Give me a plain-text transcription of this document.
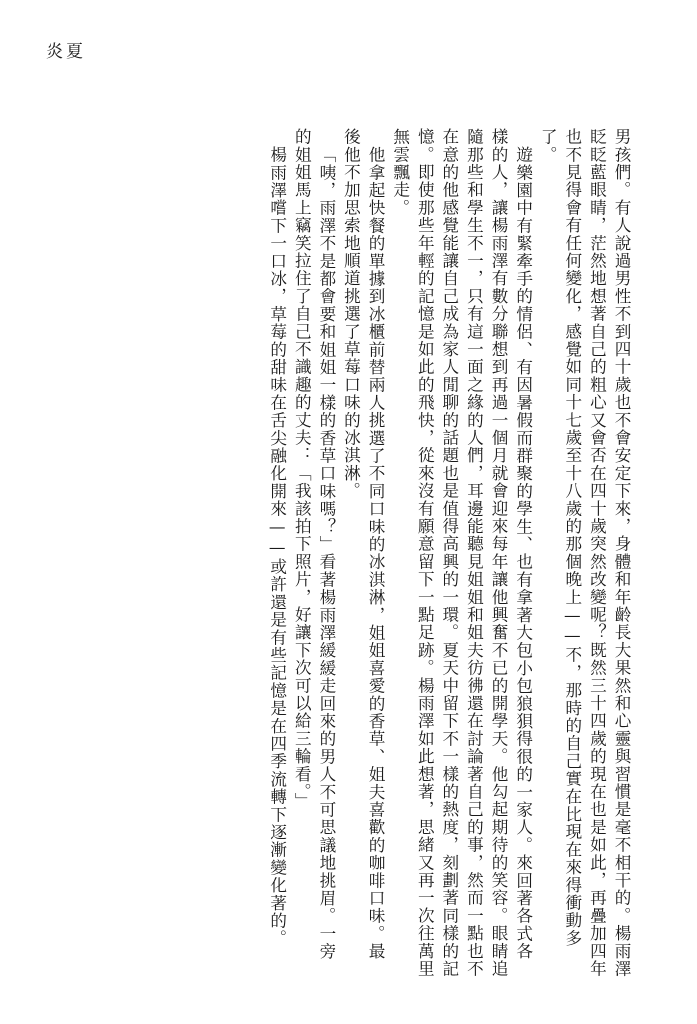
炎夏

男孩們。有人說過男性不到四十歲也不會安定下來，身體和年齡長大果然和心靈與習慣是毫不相干的。楊雨澤眨眨藍眼睛，茫然地想著自己的粗心又會否在四十歲突然改變呢？既然三十四歲的現在也是如此，再疊加四年也不見得會有任何變化，感覺如同十七歲至十八歲的那個晚上——不，那時的自己實在比現在來得衝動多了。

遊樂園中有緊牽手的情侶、有因暑假而群聚的學生、也有拿著大包小包狼狽得很的一家人。來回著各式各樣的人，讓楊雨澤有數分聯想到再過一個月就會迎來每年讓他興奮不已的開學天。他勾起期待的笑容。眼睛追隨那些和學生不一，只有這一面之緣的人們，耳邊能聽見姐姐和姐夫彷彿還在討論著自己的事，然而一點也不在意的他感覺能讓自己成為家人閒聊的話題也是值得高興的一環。夏天中留下不一樣的熱度，刻劃著同樣的記憶。即使那些年輕的記憶是如此的飛快，從來沒有願意留下一點足跡。楊雨澤如此想著，思緒又再一次往萬里無雲飄走。

他拿起快餐的單據到冰櫃前替兩人挑選了不同口味的冰淇淋，姐姐喜愛的香草、姐夫喜歡的咖啡口味。最後他不加思索地順道挑選了草莓口味的冰淇淋。

「咦，雨澤不是都會要和姐姐一樣的香草口味嗎？」看著楊雨澤緩緩走回來的男人不可思議地挑眉。一旁的姐姐馬上竊笑拉住了自己不識趣的丈夫：「我該拍下照片，好讓下次可以給三輪看。」

楊雨澤嚐下一口冰，草莓的甜味在舌尖融化開來——或許還是有些記憶是在四季流轉下逐漸變化著的。
